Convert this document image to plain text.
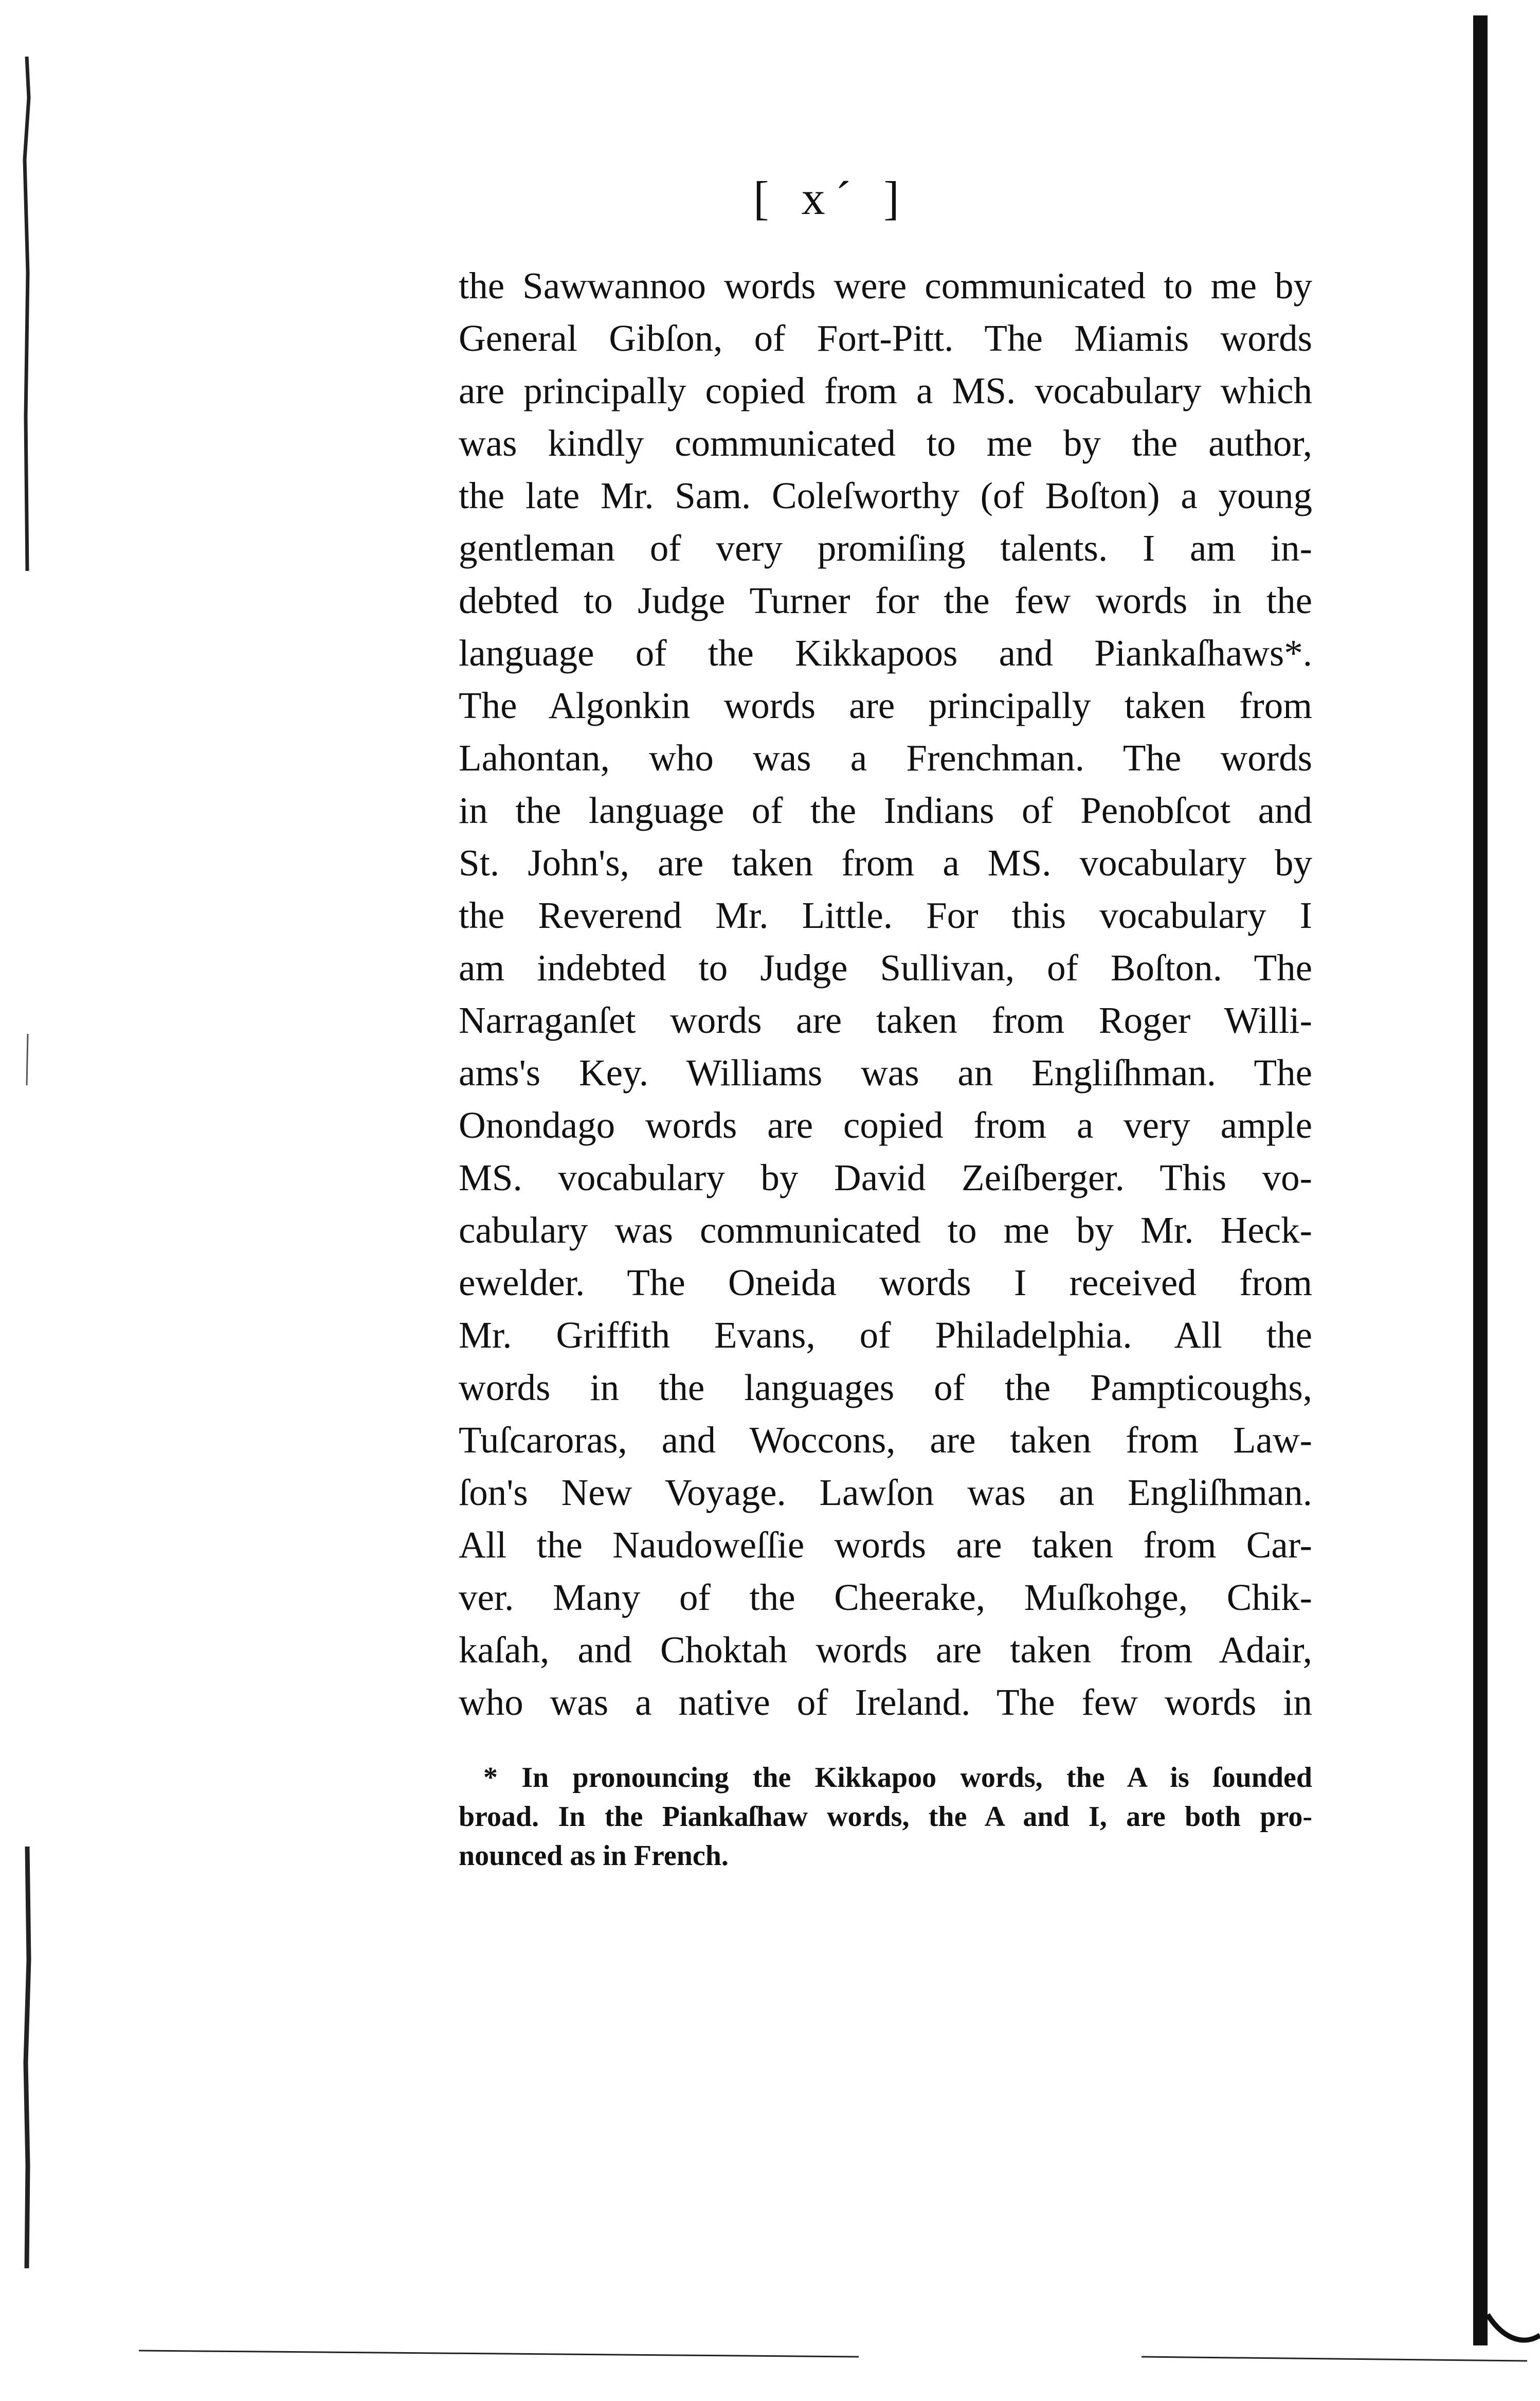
[ x´ ]
the Sawwannoo words were communicated to me by
General Gibſon, of Fort-Pitt. The Miamis words
are principally copied from a MS. vocabulary which
was kindly communicated to me by the author,
the late Mr. Sam. Coleſworthy (of Boſton) a young
gentleman of very promiſing talents. I am in-
debted to Judge Turner for the few words in the
language of the Kikkapoos and Piankaſhaws*.
The Algonkin words are principally taken from
Lahontan, who was a Frenchman. The words
in the language of the Indians of Penobſcot and
St. John's, are taken from a MS. vocabulary by
the Reverend Mr. Little. For this vocabulary I
am indebted to Judge Sullivan, of Boſton. The
Narraganſet words are taken from Roger Willi-
ams's Key. Williams was an Engliſhman. The
Onondago words are copied from a very ample
MS. vocabulary by David Zeiſberger. This vo-
cabulary was communicated to me by Mr. Heck-
ewelder. The Oneida words I received from
Mr. Griffith Evans, of Philadelphia. All the
words in the languages of the Pampticoughs,
Tuſcaroras, and Woccons, are taken from Law-
ſon's New Voyage. Lawſon was an Engliſhman.
All the Naudoweſſie words are taken from Car-
ver. Many of the Cheerake, Muſkohge, Chik-
kaſah, and Choktah words are taken from Adair,
who was a native of Ireland. The few words in
* In pronouncing the Kikkapoo words, the A is ſounded
broad. In the Piankaſhaw words, the A and I, are both pro-
nounced as in French.
